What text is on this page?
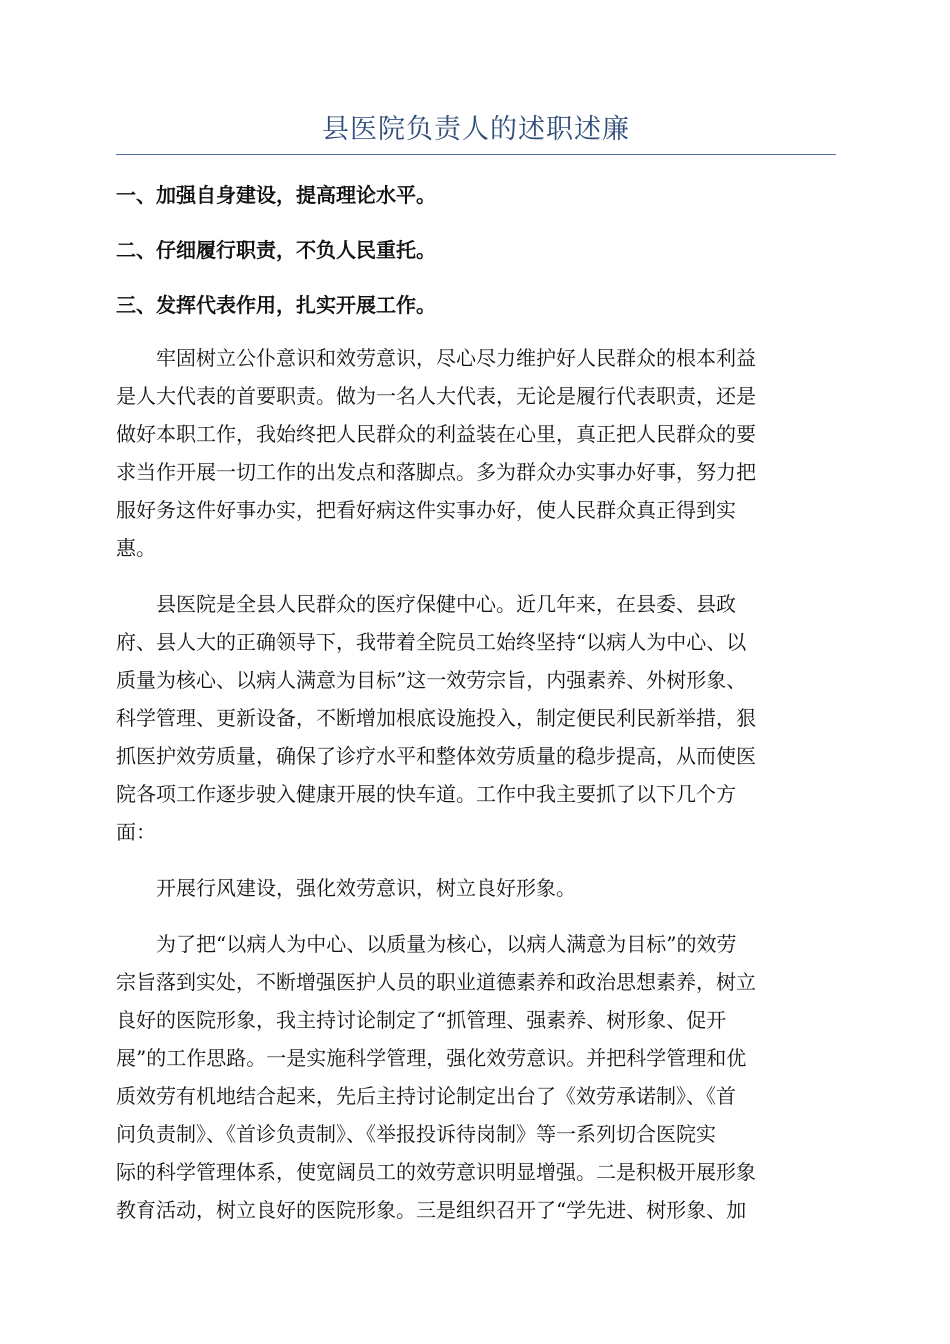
县医院负责人的述职述廉

一、加强自身建设，提高理论水平。

二、仔细履行职责，不负人民重托。

三、发挥代表作用，扎实开展工作。

牢固树立公仆意识和效劳意识，尽心尽力维护好人民群众的根本利益
是人大代表的首要职责。做为一名人大代表，无论是履行代表职责，还是
做好本职工作，我始终把人民群众的利益装在心里，真正把人民群众的要
求当作开展一切工作的出发点和落脚点。多为群众办实事办好事，努力把
服好务这件好事办实，把看好病这件实事办好，使人民群众真正得到实
惠。
县医院是全县人民群众的医疗保健中心。近几年来，在县委、县政
府、县人大的正确领导下，我带着全院员工始终坚持“以病人为中心、以
质量为核心、以病人满意为目标”这一效劳宗旨，内强素养、外树形象、
科学管理、更新设备，不断增加根底设施投入，制定便民利民新举措，狠
抓医护效劳质量，确保了诊疗水平和整体效劳质量的稳步提高，从而使医
院各项工作逐步驶入健康开展的快车道。工作中我主要抓了以下几个方
面：
开展行风建设，强化效劳意识，树立良好形象。
为了把“以病人为中心、以质量为核心，以病人满意为目标”的效劳
宗旨落到实处，不断增强医护人员的职业道德素养和政治思想素养，树立
良好的医院形象，我主持讨论制定了“抓管理、强素养、树形象、促开
展”的工作思路。一是实施科学管理，强化效劳意识。并把科学管理和优
质效劳有机地结合起来，先后主持讨论制定出台了《效劳承诺制》、《首
问负责制》、《首诊负责制》、《举报投诉待岗制》等一系列切合医院实
际的科学管理体系，使宽阔员工的效劳意识明显增强。二是积极开展形象
教育活动，树立良好的医院形象。三是组织召开了“学先进、树形象、加
